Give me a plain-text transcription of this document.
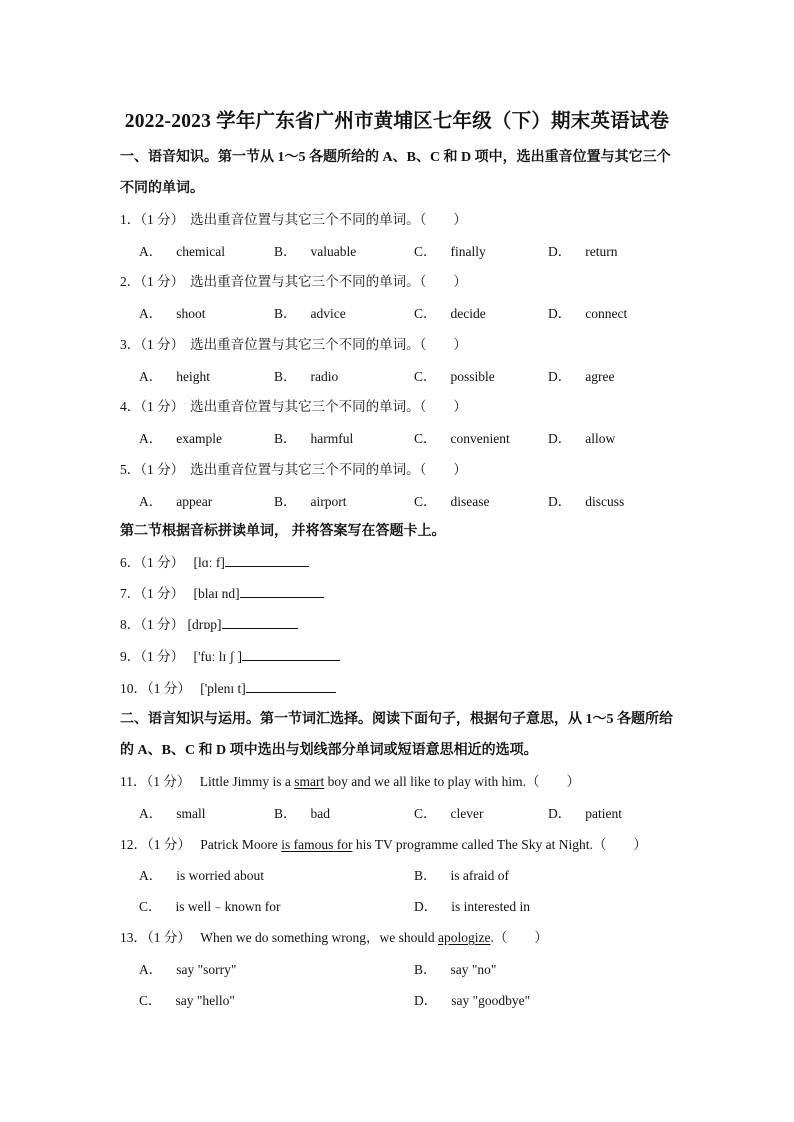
2022-2023 学年广东省广州市黄埔区七年级（下）期末英语试卷
一、语音知识。第一节从 1～5 各题所给的 A、B、C 和 D 项中，选出重音位置与其它三个
不同的单词。
1．（1 分） 选出重音位置与其它三个不同的单词。（　　）
A． chemical	B． valuable	C． finally	D． return
2．（1 分） 选出重音位置与其它三个不同的单词。（　　）
A． shoot	B． advice	C． decide	D． connect
3．（1 分） 选出重音位置与其它三个不同的单词。（　　）
A． height	B． radio	C． possible	D． agree
4．（1 分） 选出重音位置与其它三个不同的单词。（　　）
A． example	B． harmful	C． convenient	D． allow
5．（1 分） 选出重音位置与其它三个不同的单词。（　　）
A． appear	B． airport	C． disease	D． discuss
第二节根据音标拼读单词， 并将答案写在答题卡上。
6．（1 分） [lɑː f]
7．（1 分） [blaɪ nd]
8．（1 分） [drɒp]
9．（1 分） ['fuː lɪ ʃ ]
10．（1 分） ['plenɪ t]
二、语言知识与运用。第一节词汇选择。阅读下面句子，根据句子意思，从 1～5 各题所给
的 A、B、C 和 D 项中选出与划线部分单词或短语意思相近的选项。
11．（1 分） Little Jimmy is a smart boy and we all like to play with him.（　　）
A． small	B． bad	C． clever	D． patient
12．（1 分） Patrick Moore is famous for his TV programme called The Sky at Night.（　　）
A． is worried about	B． is afraid of
C． is well﹣known for	D． is interested in
13．（1 分） When we do something wrong，we should apologize.（　　）
A． say "sorry"	B． say "no"
C． say "hello"	D． say "goodbye"
